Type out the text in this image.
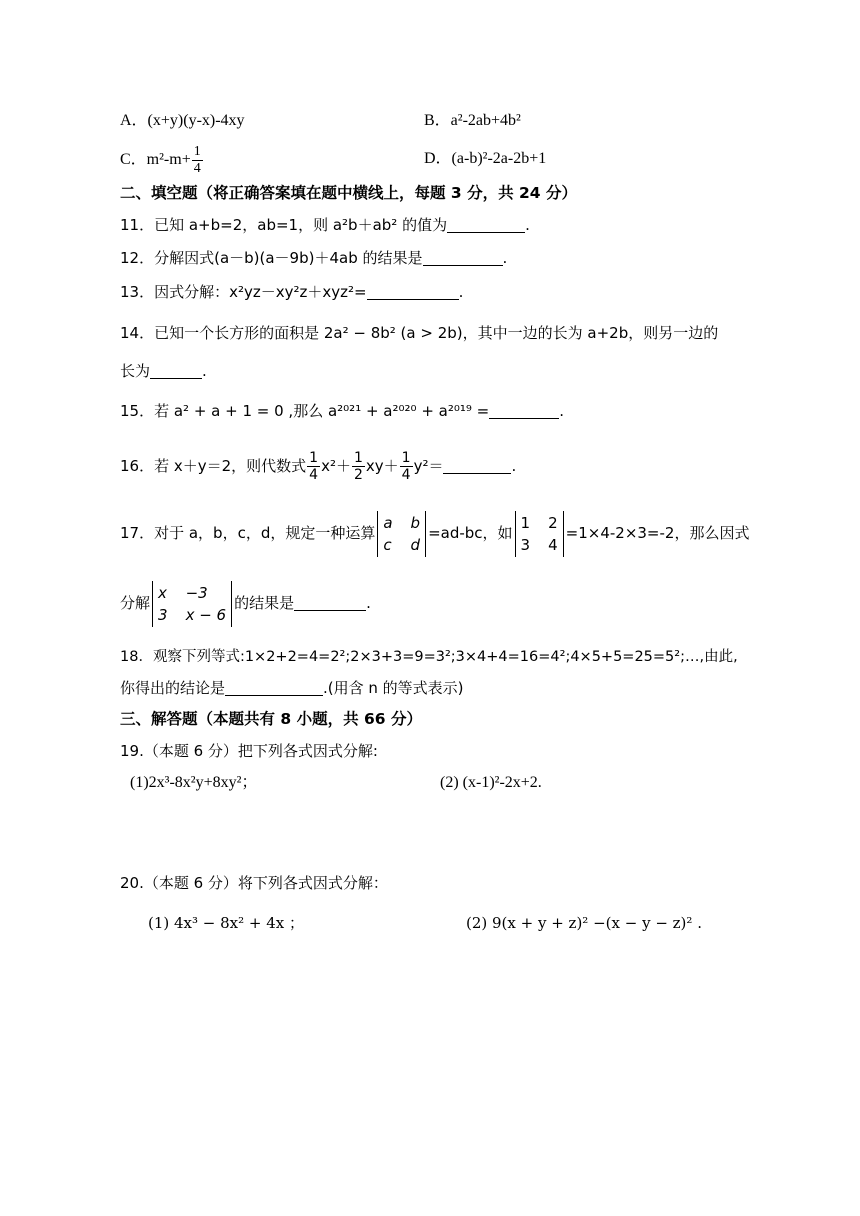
A．(x+y)(y-x)-4xy	B．a²-2ab+4b²
C．$m^2-m+ \frac{1}{4}$	D．(a-b)²-2a-2b+1
二、填空题（将正确答案填在题中横线上，每题 3 分，共 24 分）
11．已知 a+b=2，ab=1，则 a²b＋ab² 的值为	.
12．分解因式(a－b)(a－9b)＋4ab 的结果是	.
13．因式分解：x²yz－xy²z＋xyz²=	.
14．已知一个长方形的面积是 2a² − 8b² (a > 2b)，其中一边的长为 a+2b，则另一边的
长为	.
15．若 a² + a + 1 = 0 ,那么 a²⁰²¹ + a²⁰²⁰ + a²⁰¹⁹ =	.
16．若 x＋y＝2，则代数式 $\frac{1}{4} x^2+ \frac{1}{2} xy+ \frac{1}{4} y^2=$	.
17．对于 a，b，c，d，规定一种运算
a b
c d
=ad-bc，如
1 2
3 4
=1×4-2×3=-2，那么因式
分解
x −3
3 x − 6
的结果是	.
18．观察下列等式:1×2+2=4=2²;2×3+3=9=3²;3×4+4=16=4²;4×5+5=25=5²;…,由此,
你得出的结论是	.(用含 n 的等式表示)
三、解答题（本题共有 8 小题，共 66 分）
19.（本题 6 分）把下列各式因式分解:
(1)2x³-8x²y+8xy²；	(2) (x-1)²-2x+2.
20.（本题 6 分）将下列各式因式分解：
(1) 4x³ − 8x² + 4x ；	(2) 9(x + y + z)² −(x − y − z)² .
